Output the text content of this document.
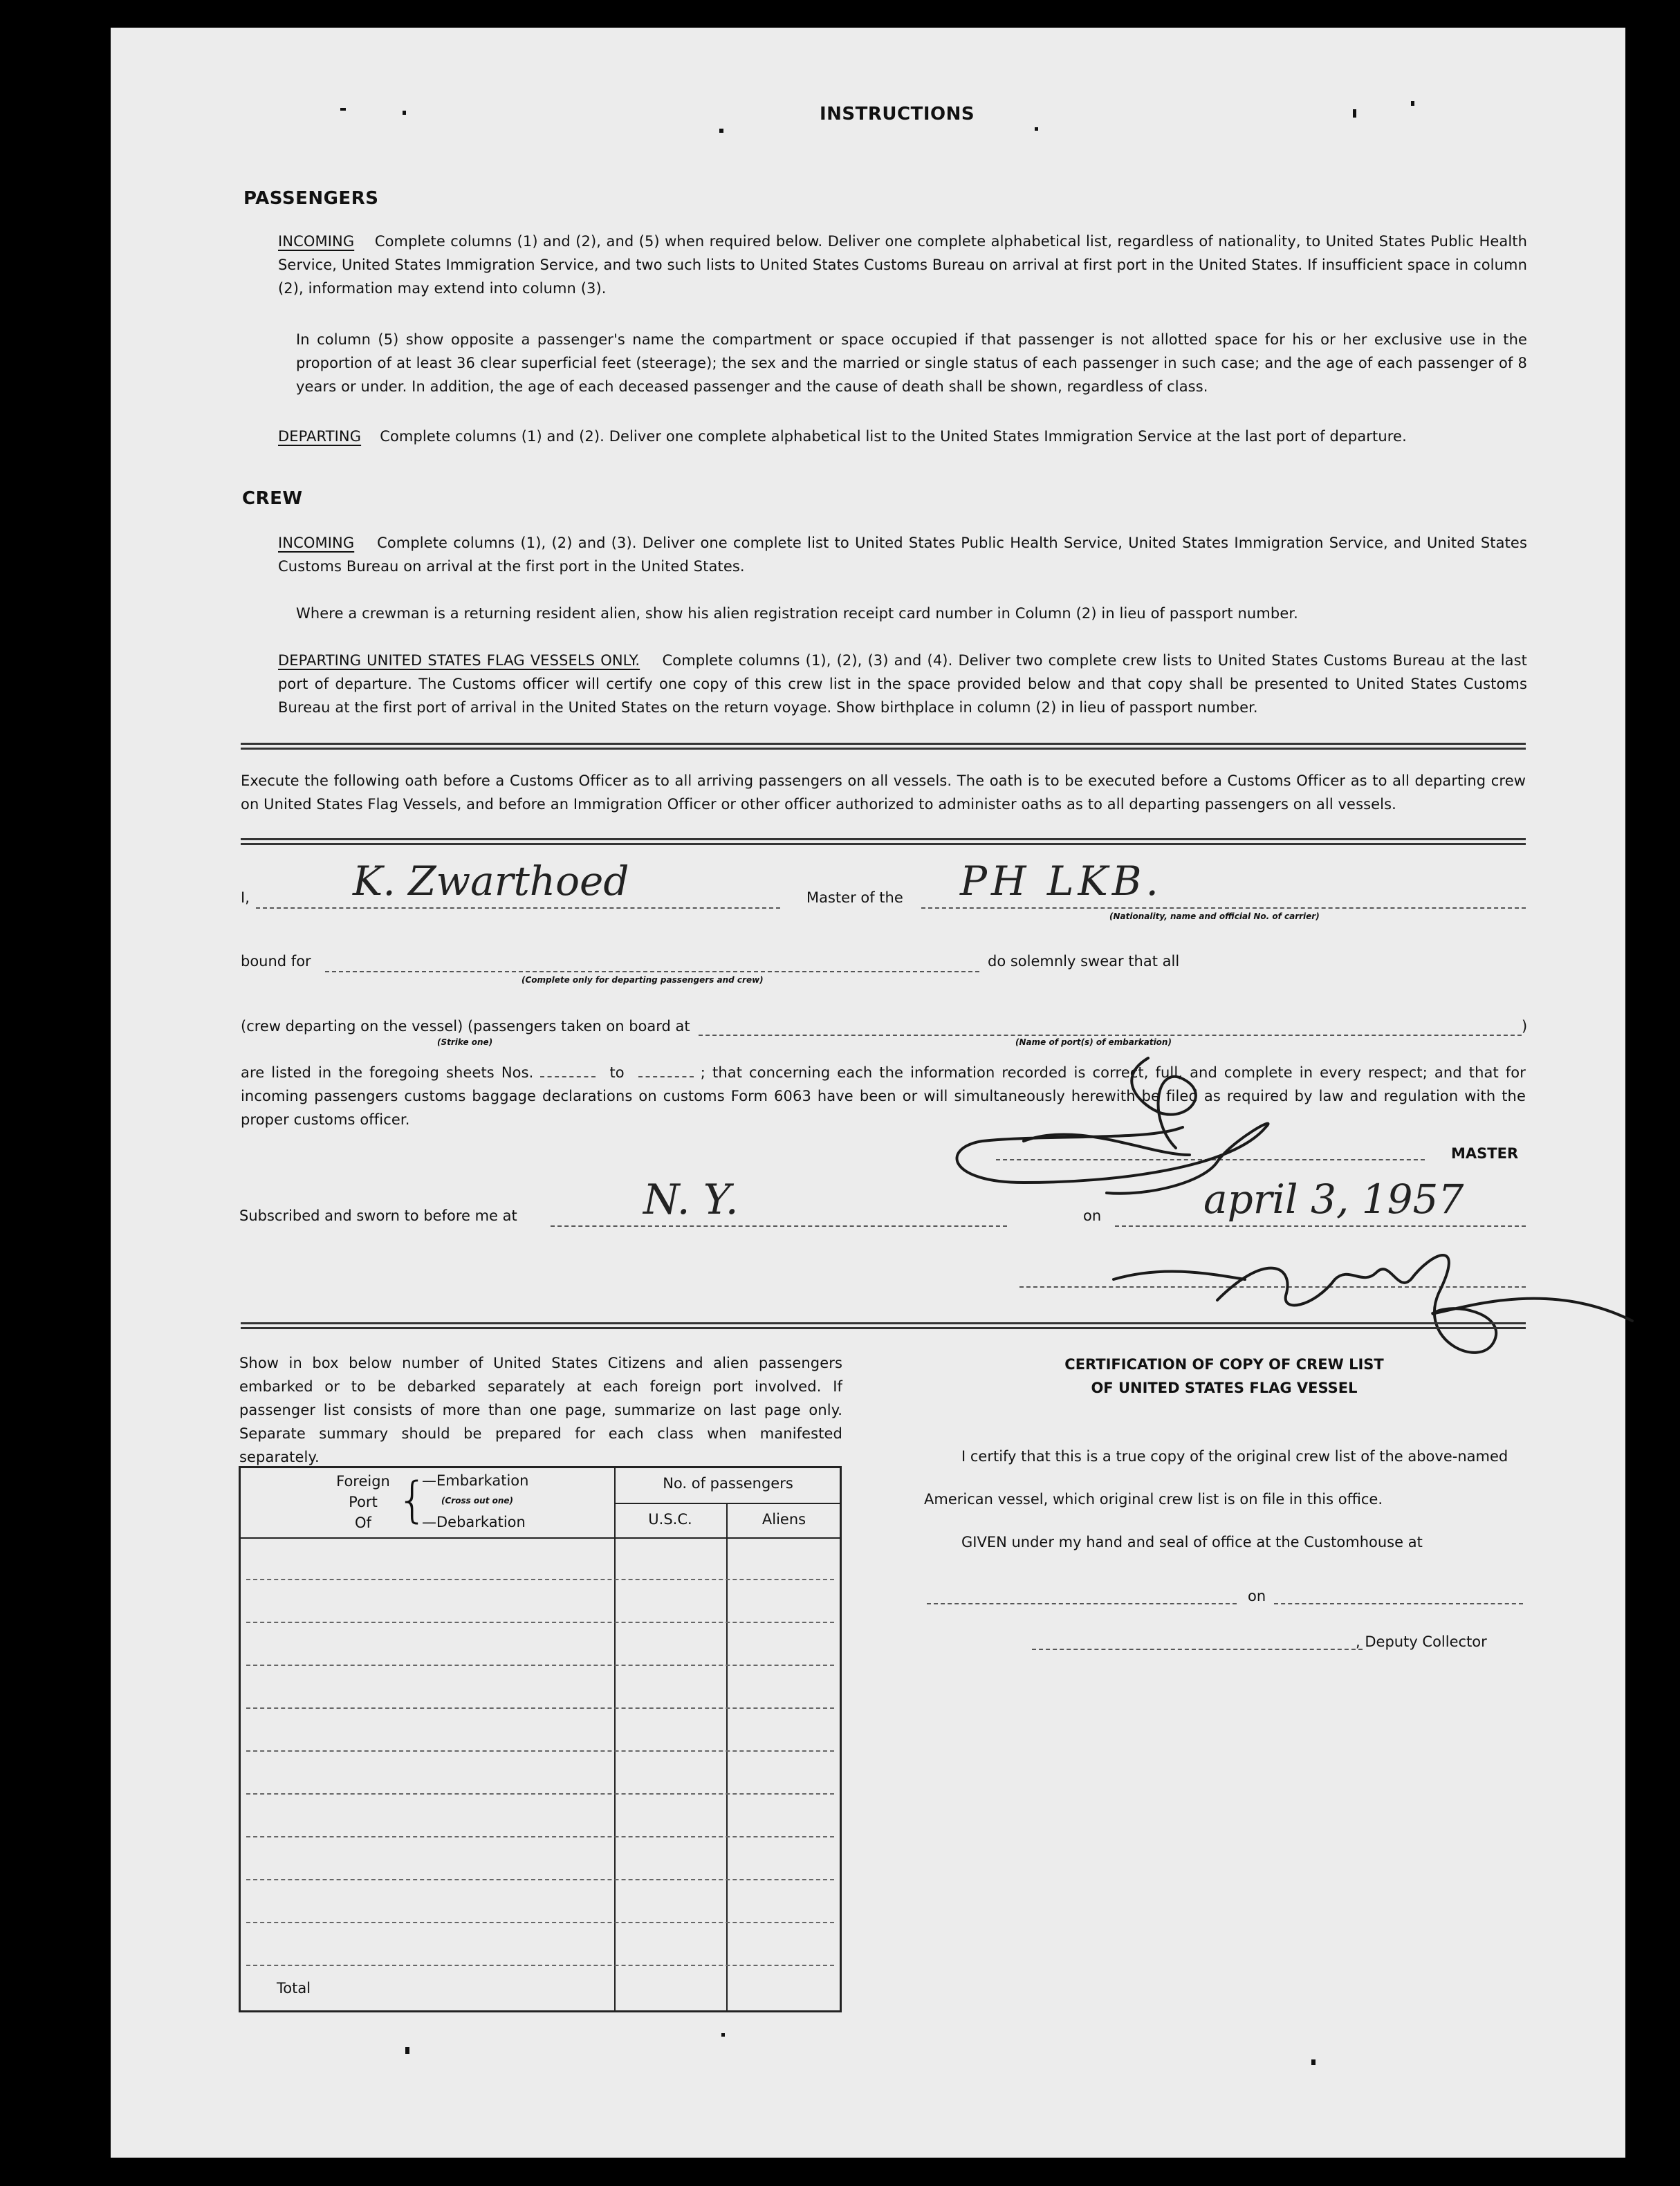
INSTRUCTIONS
PASSENGERS
INCOMING Complete columns (1) and (2), and (5) when required below. Deliver one complete alphabetical list, regardless of nationality, to United States Public Health Service, United States Immigration Service, and two such lists to United States Customs Bureau on arrival at first port in the United States. If insufficient space in column (2), information may extend into column (3).
In column (5) show opposite a passenger's name the compartment or space occupied if that passenger is not allotted space for his or her exclusive use in the proportion of at least 36 clear superficial feet (steerage); the sex and the married or single status of each passenger in such case; and the age of each passenger of 8 years or under. In addition, the age of each deceased passenger and the cause of death shall be shown, regardless of class.
DEPARTING Complete columns (1) and (2). Deliver one complete alphabetical list to the United States Immigration Service at the last port of departure.
CREW
INCOMING Complete columns (1), (2) and (3). Deliver one complete list to United States Public Health Service, United States Immigration Service, and United States Customs Bureau on arrival at the first port in the United States.
Where a crewman is a returning resident alien, show his alien registration receipt card number in Column (2) in lieu of passport number.
DEPARTING UNITED STATES FLAG VESSELS ONLY. Complete columns (1), (2), (3) and (4). Deliver two complete crew lists to United States Customs Bureau at the last port of departure. The Customs officer will certify one copy of this crew list in the space provided below and that copy shall be presented to United States Customs Bureau at the first port of arrival in the United States on the return voyage. Show birthplace in column (2) in lieu of passport number.
Execute the following oath before a Customs Officer as to all arriving passengers on all vessels. The oath is to be executed before a Customs Officer as to all departing crew on United States Flag Vessels, and before an Immigration Officer or other officer authorized to administer oaths as to all departing passengers on all vessels.
I,	K. Zwarthoed	Master of the PH LKB.
(Nationality, name and official No. of carrier)
bound for
(Complete only for departing passengers and crew)
do solemnly swear that all
(crew departing on the vessel) (passengers taken on board at	)
(Strike one)	(Name of port(s) of embarkation)
are listed in the foregoing sheets Nos.	to	; that concerning each the information recorded is correct, full, and complete in every respect; and that for incoming passengers customs baggage declarations on customs Form 6063 have been or will simultaneously herewith be filed as required by law and regulation with the proper customs officer.
MASTER
Subscribed and sworn to before me at	N. Y.	on	april 3, 1957
Show in box below number of United States Citizens and alien passengers embarked or to be debarked separately at each foreign port involved. If passenger list consists of more than one page, summarize on last page only. Separate summary should be prepared for each class when manifested separately.
Foreign
Port
Of {
—Embarkation
(Cross out one)
—Debarkation
No. of passengers
U.S.C.	Aliens
Total
CERTIFICATION OF COPY OF CREW LIST
OF UNITED STATES FLAG VESSEL
I certify that this is a true copy of the original crew list of the above-named
American vessel, which original crew list is on file in this office.
GIVEN under my hand and seal of office at the Customhouse at
on
, Deputy Collector
